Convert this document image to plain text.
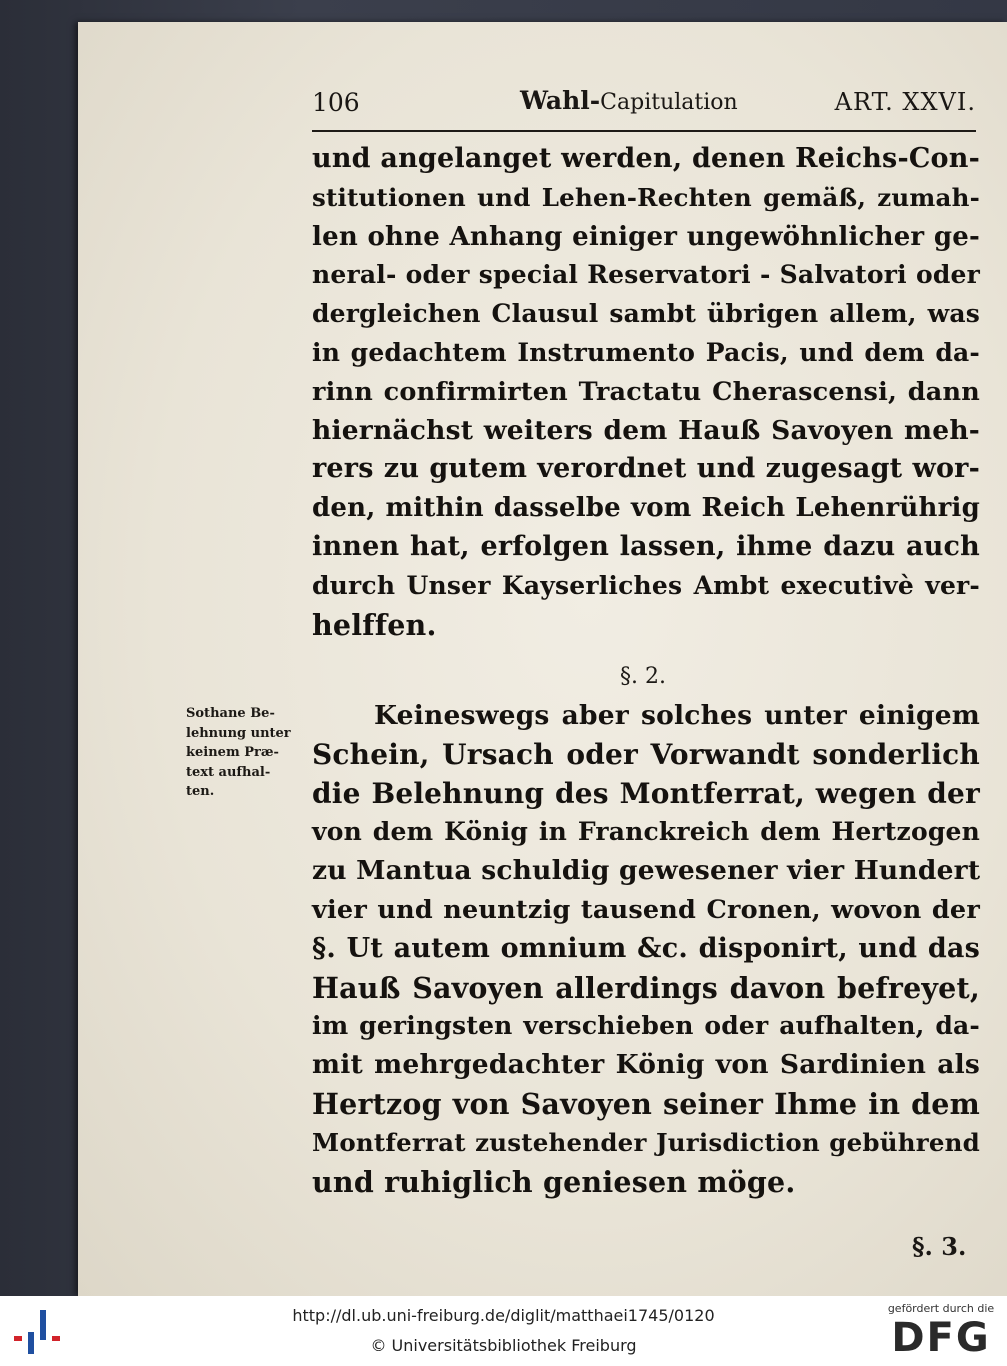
106	Wahl-Capitulation	ART. XXVI.
und angelanget werden, denen Reichs-Con-
stitutionen und Lehen-Rechten gemäß, zumah-
len ohne Anhang einiger ungewöhnlicher ge-
neral- oder special Reservatori - Salvatori oder
dergleichen Clausul sambt übrigen allem, was
in gedachtem Instrumento Pacis, und dem da-
rinn confirmirten Tractatu Cherascensi, dann
hiernächst weiters dem Hauß Savoyen meh-
rers zu gutem verordnet und zugesagt wor-
den, mithin dasselbe vom Reich Lehenrührig
innen hat, erfolgen lassen, ihme dazu auch
durch Unser Kayserliches Ambt executivè ver-
helffen.
§. 2.
Sothane Be-
lehnung unter
keinem Præ-
text aufhal-
ten.
Keineswegs aber solches unter einigem
Schein, Ursach oder Vorwandt sonderlich
die Belehnung des Montferrat, wegen der
von dem König in Franckreich dem Hertzogen
zu Mantua schuldig gewesener vier Hundert
vier und neuntzig tausend Cronen, wovon der
§. Ut autem omnium &c. disponirt, und das
Hauß Savoyen allerdings davon befreyet,
im geringsten verschieben oder aufhalten, da-
mit mehrgedachter König von Sardinien als
Hertzog von Savoyen seiner Ihme in dem
Montferrat zustehender Jurisdiction gebührend
und ruhiglich geniesen möge.
§. 3.
http://dl.ub.uni-freiburg.de/diglit/matthaei1745/0120
© Universitätsbibliothek Freiburg
gefördert durch die
DFG
